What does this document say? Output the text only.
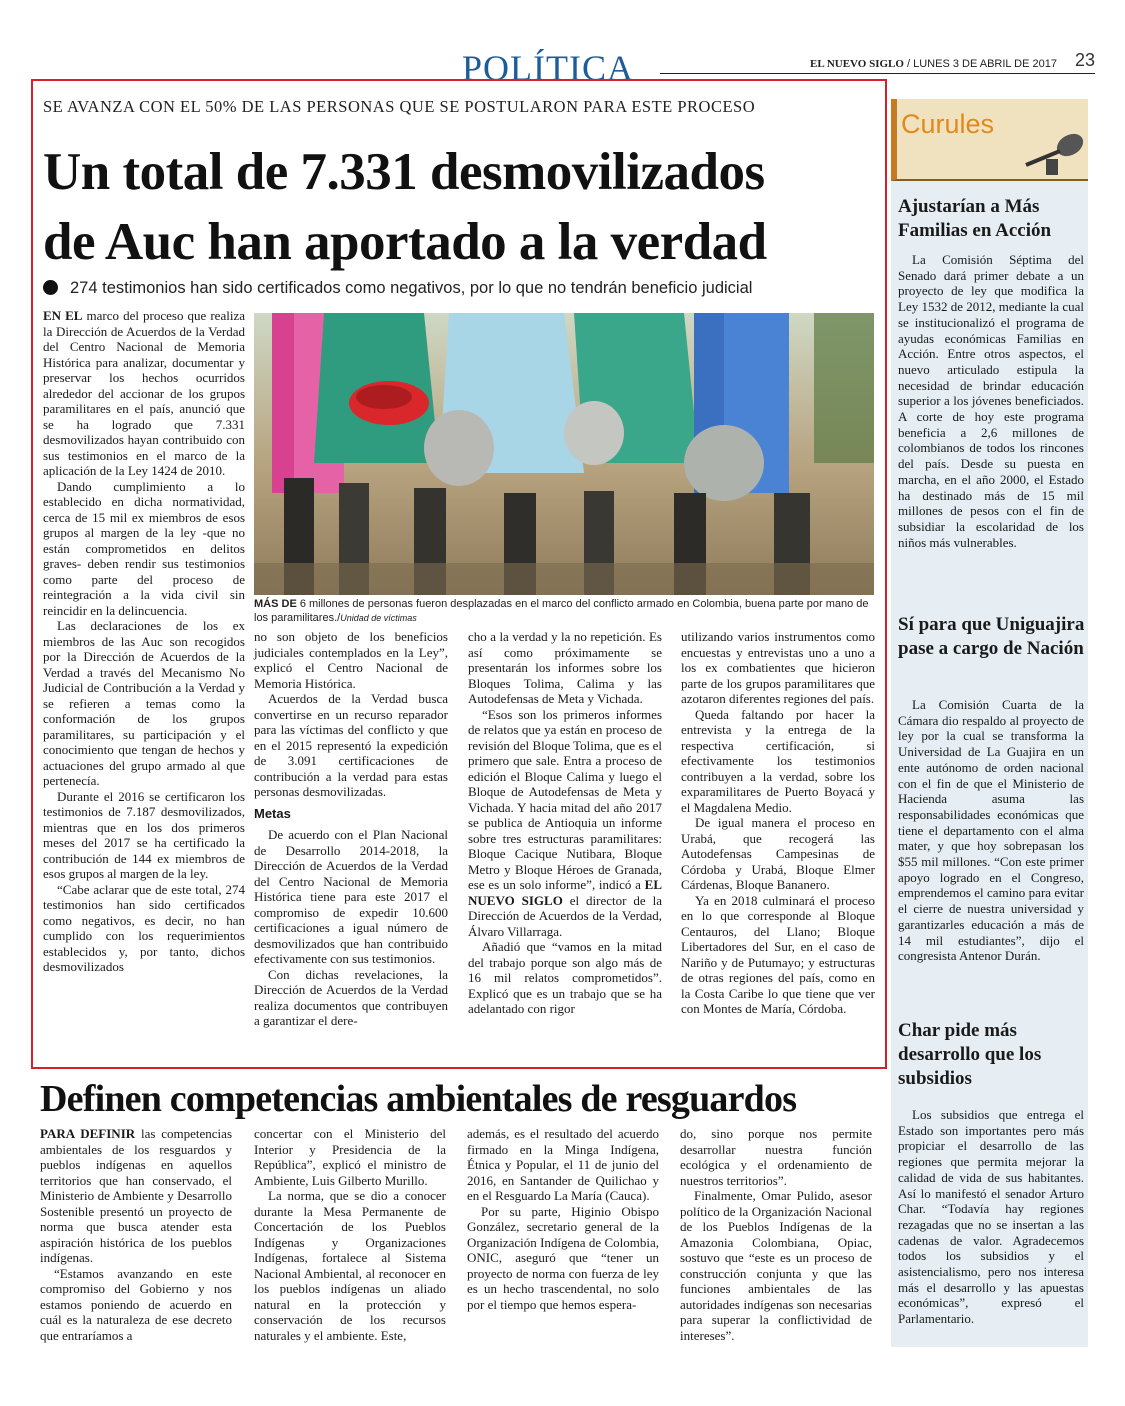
POLÍTICA	EL NUEVO SIGLO / LUNES 3 DE ABRIL DE 2017 23
SE AVANZA CON EL 50% DE LAS PERSONAS QUE SE POSTULARON PARA ESTE PROCESO
Un total de 7.331 desmovilizados
de Auc han aportado a la verdad
274 testimonios han sido certificados como negativos, por lo que no tendrán beneficio judicial

EN EL marco del proceso que realiza la Dirección de Acuerdos de la Verdad del Centro Nacional de Memoria Histórica para analizar, documentar y preservar los hechos ocurridos alrededor del accionar de los grupos paramilitares en el país, anunció que se ha logrado que 7.331 desmovilizados hayan contribuido con sus testimonios en el marco de la aplicación de la Ley 1424 de 2010.

Dando cumplimiento a lo establecido en dicha normatividad, cerca de 15 mil ex miembros de esos grupos al margen de la ley -que no están comprometidos en delitos graves- deben rendir sus testimonios como parte del proceso de reintegración a la vida civil sin reincidir en la delincuencia.

Las declaraciones de los ex miembros de las Auc son recogidos por la Dirección de Acuerdos de la Verdad a través del Mecanismo No Judicial de Contribución a la Verdad y se refieren a temas como la conformación de los grupos paramilitares, su participación y el conocimiento que tengan de hechos y actuaciones del grupo armado al que pertenecía.

Durante el 2016 se certificaron los testimonios de 7.187 desmovilizados, mientras que en los dos primeros meses del 2017 se ha certificado la contribución de 144 ex miembros de esos grupos al margen de la ley.

“Cabe aclarar que de este total, 274 testimonios han sido certificados como negativos, es decir, no han cumplido con los requerimientos establecidos y, por tanto, dichos desmovilizados

MÁS DE 6 millones de personas fueron desplazadas en el marco del conflicto armado en Colombia, buena parte por mano de los paramilitares./Unidad de víctimas

no son objeto de los beneficios judiciales contemplados en la Ley”, explicó el Centro Nacional de Memoria Histórica.

Acuerdos de la Verdad busca convertirse en un recurso reparador para las víctimas del conflicto y que en el 2015 representó la expedición de 3.091 certificaciones de contribución a la verdad para estas personas desmovilizadas.

Metas

De acuerdo con el Plan Nacional de Desarrollo 2014-2018, la Dirección de Acuerdos de la Verdad del Centro Nacional de Memoria Histórica tiene para este 2017 el compromiso de expedir 10.600 certificaciones a igual número de desmovilizados que han contribuido efectivamente con sus testimonios.

Con dichas revelaciones, la Dirección de Acuerdos de la Verdad realiza documentos que contribuyen a garantizar el dere-

cho a la verdad y la no repetición. Es así como próximamente se presentarán los informes sobre los Bloques Tolima, Calima y las Autodefensas de Meta y Vichada.

“Esos son los primeros informes de relatos que ya están en proceso de revisión del Bloque Tolima, que es el primero que sale. Entra a proceso de edición el Bloque Calima y luego el Bloque de Autodefensas de Meta y Vichada. Y hacia mitad del año 2017 se publica de Antioquia un informe sobre tres estructuras paramilitares: Bloque Cacique Nutibara, Bloque Metro y Bloque Héroes de Granada, ese es un solo informe”, indicó a EL NUEVO SIGLO el director de la Dirección de Acuerdos de la Verdad, Álvaro Villarraga.

Añadió que “vamos en la mitad del trabajo porque son algo más de 16 mil relatos comprometidos”. Explicó que es un trabajo que se ha adelantado con rigor

utilizando varios instrumentos como encuestas y entrevistas uno a uno a los ex combatientes que hicieron parte de los grupos paramilitares que azotaron diferentes regiones del país.

Queda faltando por hacer la entrevista y la entrega de la respectiva certificación, si efectivamente los testimonios contribuyen a la verdad, sobre los exparamilitares de Puerto Boyacá y el Magdalena Medio.

De igual manera el proceso en Urabá, que recogerá las Autodefensas Campesinas de Córdoba y Urabá, Bloque Elmer Cárdenas, Bloque Bananero.

Ya en 2018 culminará el proceso en lo que corresponde al Bloque Centauros, del Llano; Bloque Libertadores del Sur, en el caso de Nariño y de Putumayo; y estructuras de otras regiones del país, como en la Costa Caribe lo que tiene que ver con Montes de María, Córdoba.

Definen competencias ambientales de resguardos

PARA DEFINIR las competencias ambientales de los resguardos y pueblos indígenas en aquellos territorios que han conservado, el Ministerio de Ambiente y Desarrollo Sostenible presentó un proyecto de norma que busca atender esta aspiración histórica de los pueblos indígenas.

“Estamos avanzando en este compromiso del Gobierno y nos estamos poniendo de acuerdo en cuál es la naturaleza de ese decreto que entraríamos a

concertar con el Ministerio del Interior y Presidencia de la República”, explicó el ministro de Ambiente, Luis Gilberto Murillo.

La norma, que se dio a conocer durante la Mesa Permanente de Concertación de los Pueblos Indígenas y Organizaciones Indígenas, fortalece al Sistema Nacional Ambiental, al reconocer en los pueblos indígenas un aliado natural en la protección y conservación de los recursos naturales y el ambiente. Este,

además, es el resultado del acuerdo firmado en la Minga Indígena, Étnica y Popular, el 11 de junio del 2016, en Santander de Quilichao y en el Resguardo La María (Cauca).

Por su parte, Higinio Obispo González, secretario general de la Organización Indígena de Colombia, ONIC, aseguró que “tener un proyecto de norma con fuerza de ley es un hecho trascendental, no solo por el tiempo que hemos espera-

do, sino porque nos permite desarrollar nuestra función ecológica y el ordenamiento de nuestros territorios”.

Finalmente, Omar Pulido, asesor político de la Organización Nacional de los Pueblos Indígenas de la Amazonia Colombiana, Opiac, sostuvo que “este es un proceso de construcción conjunta y que las funciones ambientales de las autoridades indígenas son necesarias para superar la conflictividad de intereses”.

Curules
Ajustarían a Más Familias en Acción

La Comisión Séptima del Senado dará primer debate a un proyecto de ley que modifica la Ley 1532 de 2012, mediante la cual se institucionalizó el programa de ayudas económicas Familias en Acción. Entre otros aspectos, el nuevo articulado estipula la necesidad de brindar educación superior a los jóvenes beneficiados. A corte de hoy este programa beneficia a 2,6 millones de colombianos de todos los rincones del país. Desde su puesta en marcha, en el año 2000, el Estado ha destinado más de 15 mil millones de pesos con el fin de subsidiar la escolaridad de los niños más vulnerables.

Sí para que Uniguajira pase a cargo de Nación

La Comisión Cuarta de la Cámara dio respaldo al proyecto de ley por la cual se transforma la Universidad de La Guajira en un ente autónomo de orden nacional con el fin de que el Ministerio de Hacienda asuma las responsabilidades económicas que tiene el departamento con el alma mater, y que hoy sobrepasan los $55 mil millones. “Con este primer apoyo logrado en el Congreso, emprendemos el camino para evitar el cierre de nuestra universidad y garantizarles educación a más de 14 mil estudiantes”, dijo el congresista Antenor Durán.

Char pide más desarrollo que los subsidios

Los subsidios que entrega el Estado son importantes pero más propiciar el desarrollo de las regiones que permita mejorar la calidad de vida de sus habitantes. Así lo manifestó el senador Arturo Char. “Todavía hay regiones rezagadas que no se insertan a las cadenas de valor. Agradecemos todos los subsidios y el asistencialismo, pero nos interesa más el desarrollo y las apuestas económicas”, expresó el Parlamentario.
